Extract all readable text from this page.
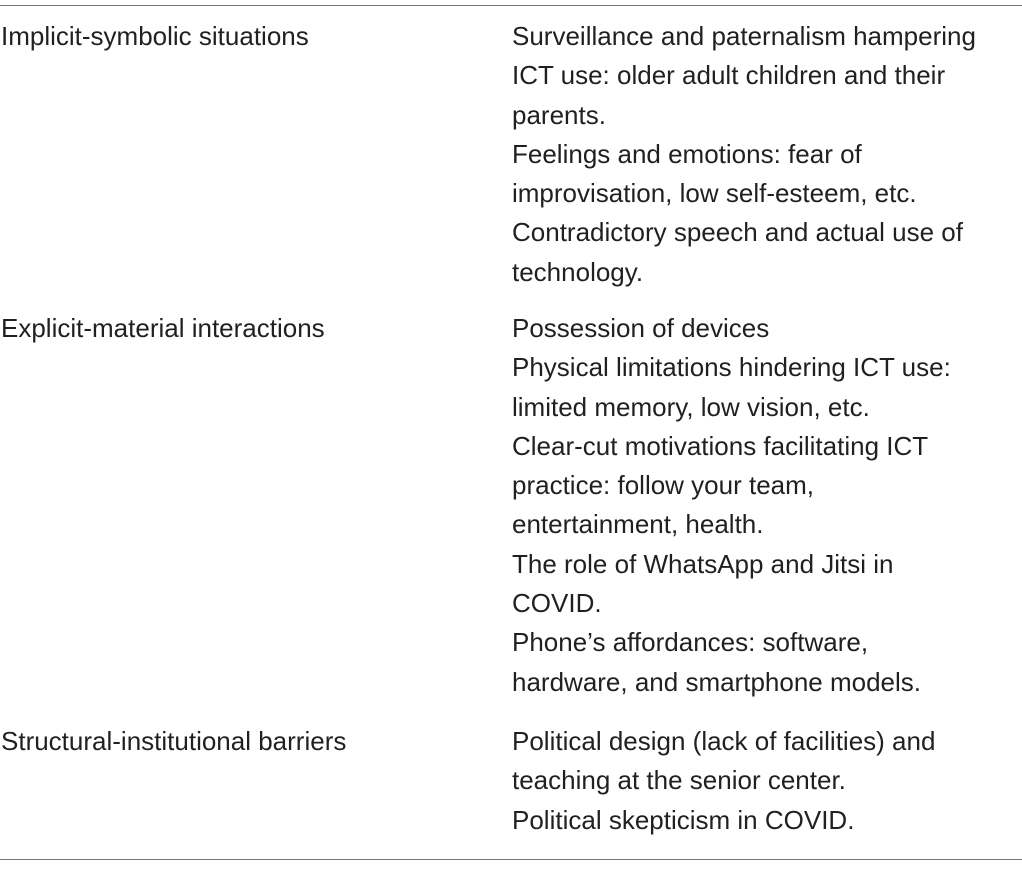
Implicit-symbolic situations	Surveillance and paternalism hampering
ICT use: older adult children and their
parents.
Feelings and emotions: fear of
improvisation, low self-esteem, etc.
Contradictory speech and actual use of
technology.
Explicit-material interactions	Possession of devices
Physical limitations hindering ICT use:
limited memory, low vision, etc.
Clear-cut motivations facilitating ICT
practice: follow your team,
entertainment, health.
The role of WhatsApp and Jitsi in
COVID.
Phone’s affordances: software,
hardware, and smartphone models.
Structural-institutional barriers	Political design (lack of facilities) and
teaching at the senior center.
Political skepticism in COVID.
